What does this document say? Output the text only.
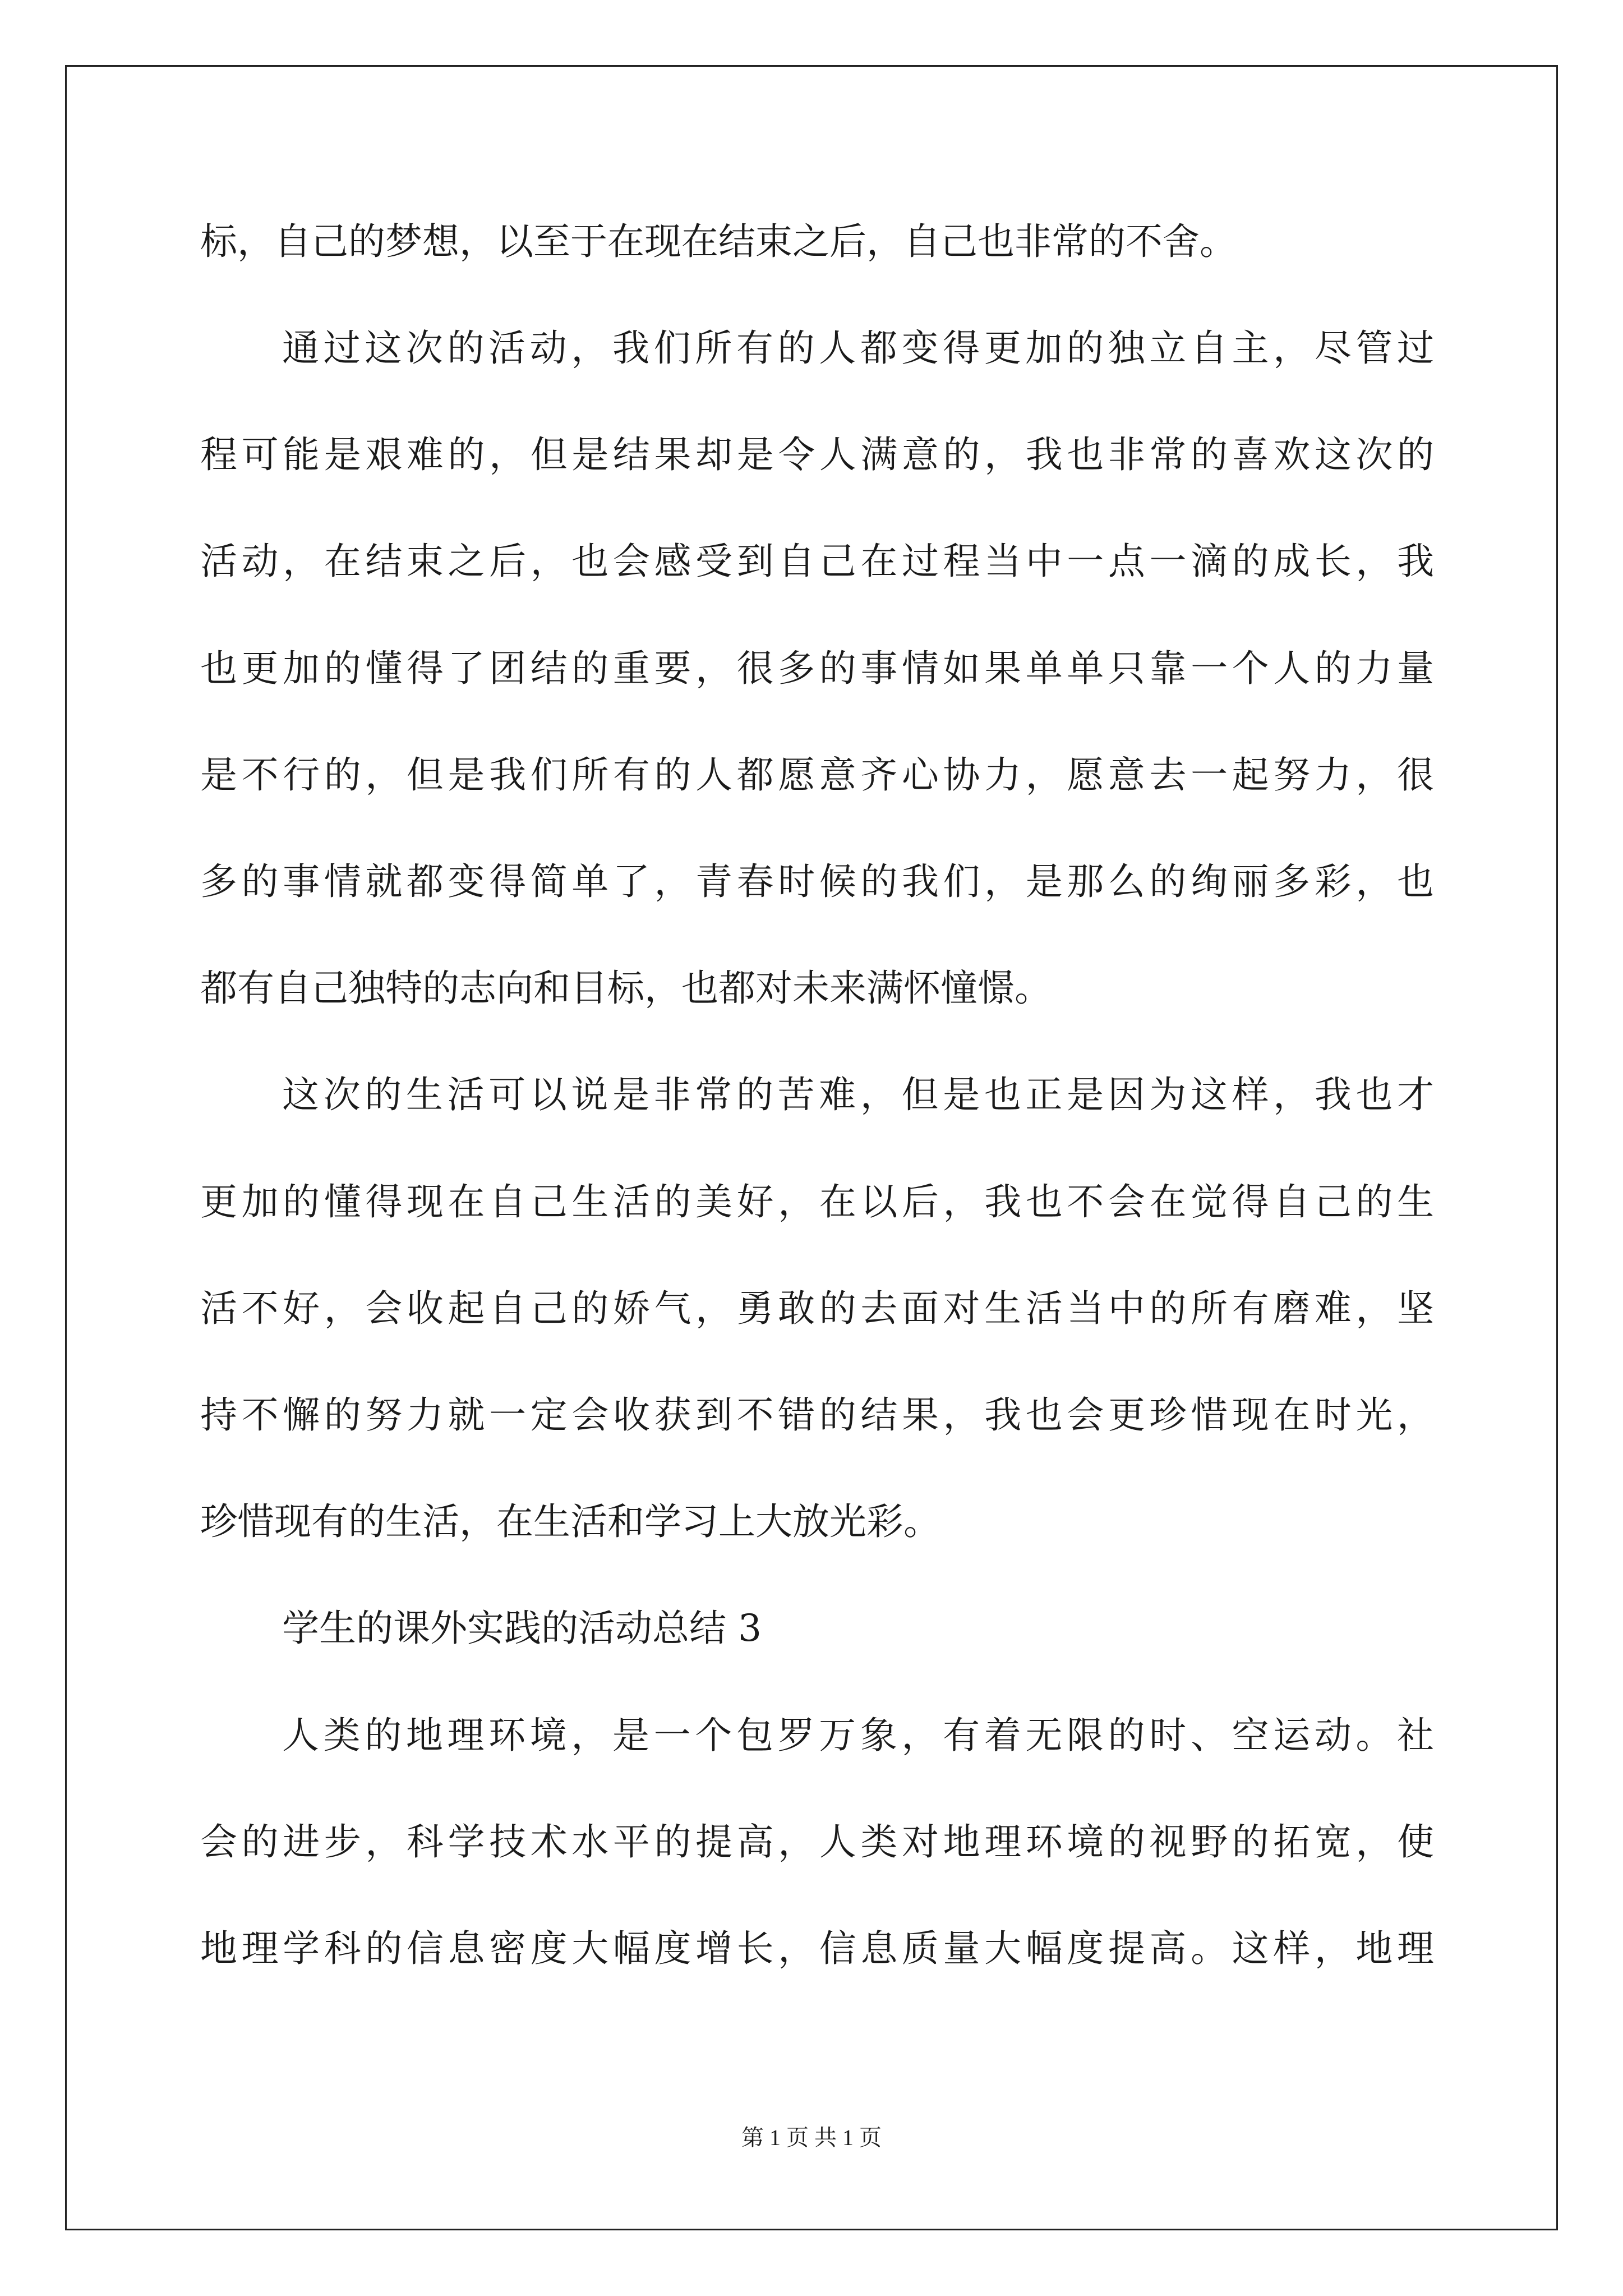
标，自己的梦想，以至于在现在结束之后，自己也非常的不舍。
通过这次的活动，我们所有的人都变得更加的独立自主，尽管过
程可能是艰难的，但是结果却是令人满意的，我也非常的喜欢这次的
活动，在结束之后，也会感受到自己在过程当中一点一滴的成长，我
也更加的懂得了团结的重要，很多的事情如果单单只靠一个人的力量
是不行的，但是我们所有的人都愿意齐心协力，愿意去一起努力，很
多的事情就都变得简单了，青春时候的我们，是那么的绚丽多彩，也
都有自己独特的志向和目标，也都对未来满怀憧憬。
这次的生活可以说是非常的苦难，但是也正是因为这样，我也才
更加的懂得现在自己生活的美好，在以后，我也不会在觉得自己的生
活不好，会收起自己的娇气，勇敢的去面对生活当中的所有磨难，坚
持不懈的努力就一定会收获到不错的结果，我也会更珍惜现在时光，
珍惜现有的生活，在生活和学习上大放光彩。
学生的课外实践的活动总结 3
人类的地理环境，是一个包罗万象，有着无限的时、空运动。社
会的进步，科学技术水平的提高，人类对地理环境的视野的拓宽，使
地理学科的信息密度大幅度增长，信息质量大幅度提高。这样，地理
第 1 页 共 1 页
